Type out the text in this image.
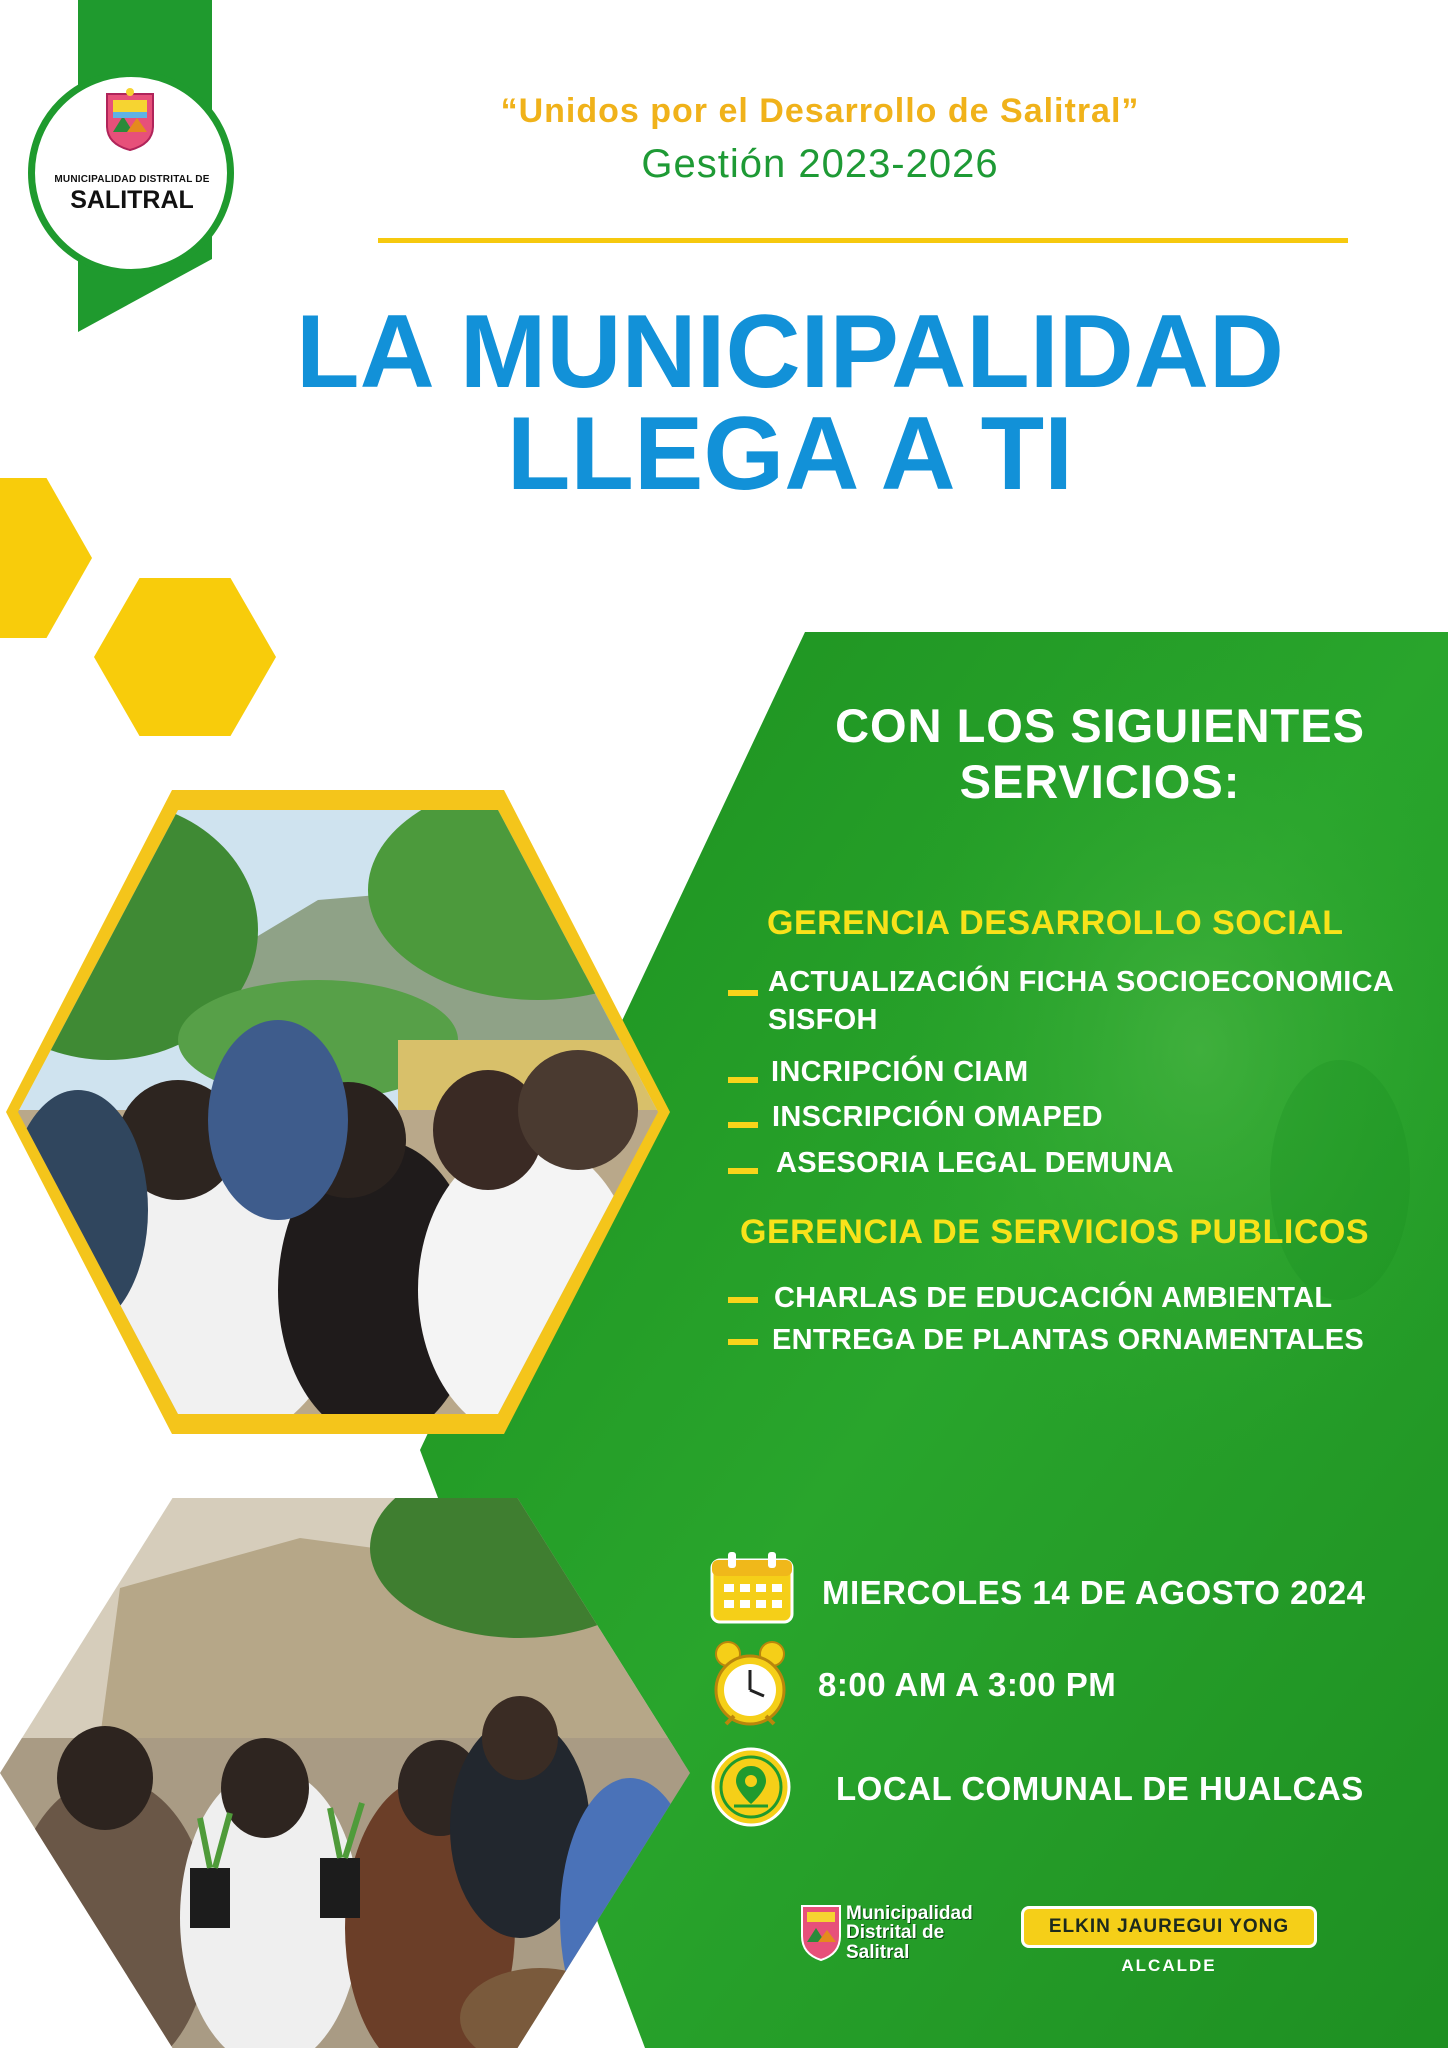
MUNICIPALIDAD DISTRITAL DE
SALITRAL
“Unidos por el Desarrollo de Salitral”
Gestión 2023-2026
LA MUNICIPALIDAD
LLEGA A TI
CON LOS SIGUIENTES
SERVICIOS:
GERENCIA DESARROLLO SOCIAL
ACTUALIZACIÓN FICHA SOCIOECONOMICA
SISFOH
INCRIPCIÓN CIAM
INSCRIPCIÓN OMAPED
ASESORIA LEGAL DEMUNA
GERENCIA DE SERVICIOS PUBLICOS
CHARLAS DE EDUCACIÓN AMBIENTAL
ENTREGA DE PLANTAS ORNAMENTALES
MIERCOLES 14 DE AGOSTO 2024
8:00 AM A 3:00 PM
LOCAL COMUNAL DE HUALCAS
Municipalidad
Distrital de
Salitral
ELKIN JAUREGUI YONG
ALCALDE
